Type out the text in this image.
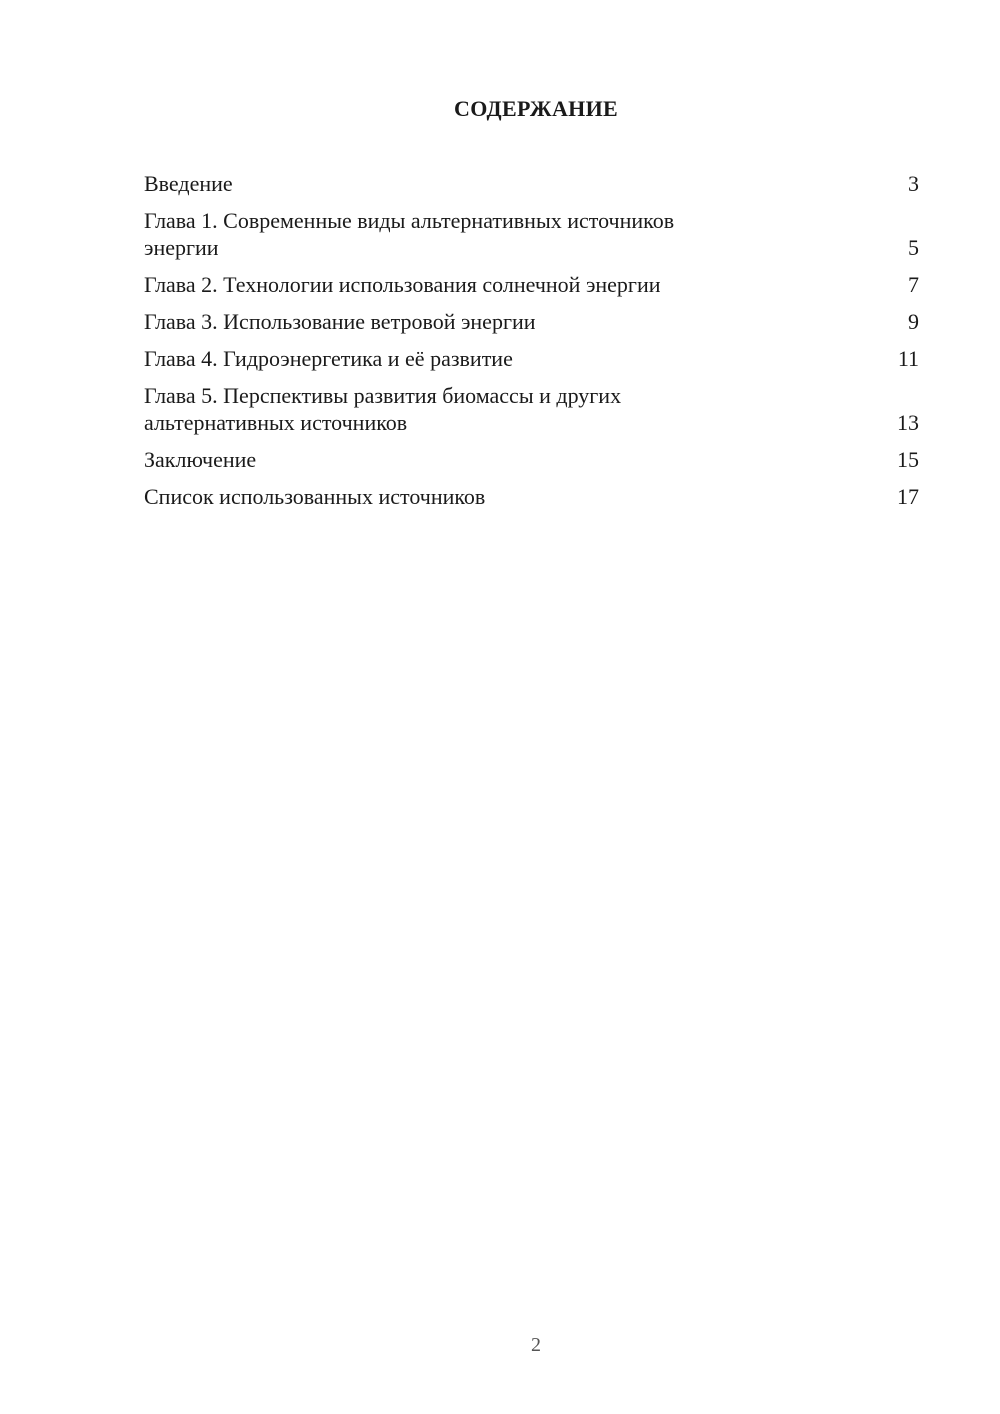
СОДЕРЖАНИЕ
Введение	3
Глава 1. Современные виды альтернативных источников
энергии	5
Глава 2. Технологии использования солнечной энергии	7
Глава 3. Использование ветровой энергии	9
Глава 4. Гидроэнергетика и её развитие	11
Глава 5. Перспективы развития биомассы и других
альтернативных источников	13
Заключение	15
Список использованных источников	17
2
